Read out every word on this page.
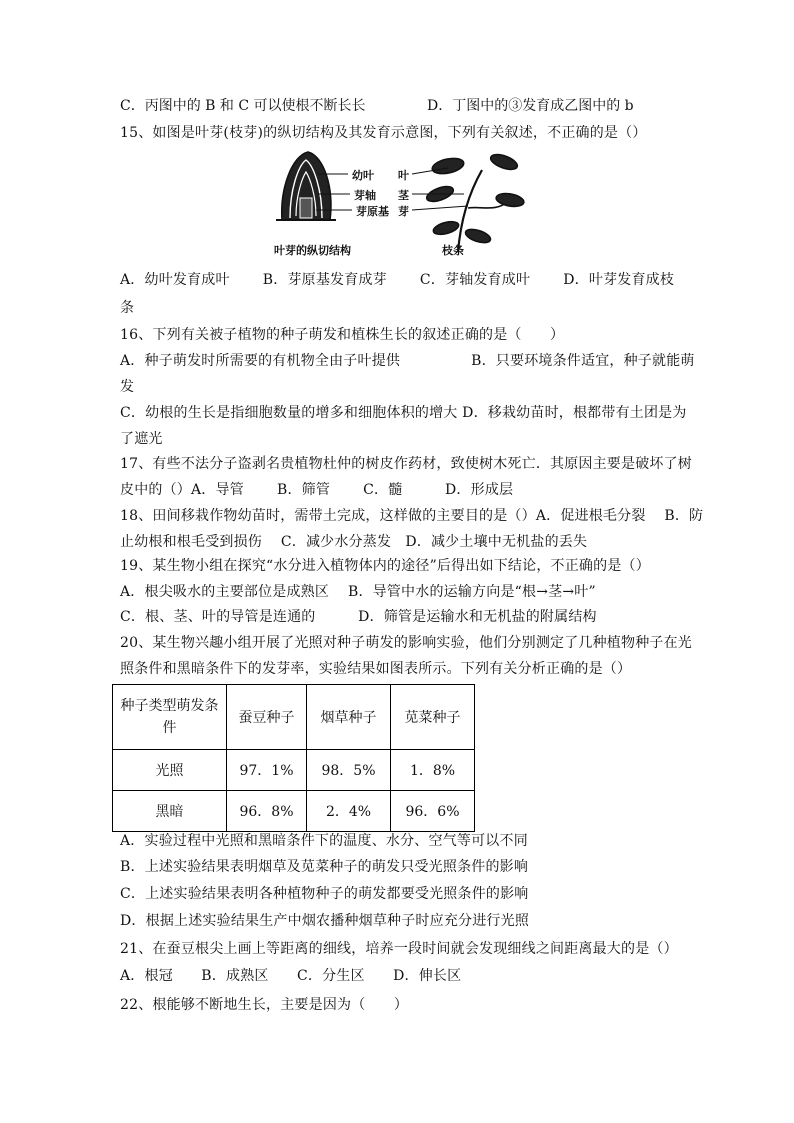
C．丙图中的 B 和 C 可以使根不断长长	D．丁图中的③发育成乙图中的 b
15、如图是叶芽(枝芽)的纵切结构及其发育示意图，下列有关叙述，不正确的是（）
幼叶
芽轴
芽原基
叶
茎
芽
叶芽的纵切结构	枝条
A．幼叶发育成叶　　 B．芽原基发育成芽　　 C．芽轴发育成叶　　 D．叶芽发育成枝
条
16、下列有关被子植物的种子萌发和植株生长的叙述正确的是（　　）
A．种子萌发时所需要的有机物全由子叶提供　　　　　B．只要环境条件适宜，种子就能萌
发
C．幼根的生长是指细胞数量的增多和细胞体积的增大 D．移栽幼苗时，根都带有土团是为
了遮光
17、有些不法分子盗剥名贵植物杜仲的树皮作药材，致使树木死亡．其原因主要是破坏了树
皮中的（）A．导管　　 B．筛管　　 C．髓　　　D．形成层
18、田间移栽作物幼苗时，需带土完成，这样做的主要目的是（）A．促进根毛分裂　 B．防
止幼根和根毛受到损伤　 C．减少水分蒸发　D．减少土壤中无机盐的丢失
19、某生物小组在探究“水分进入植物体内的途径”后得出如下结论，不正确的是（）
A．根尖吸水的主要部位是成熟区　 B．导管中水的运输方向是“根→茎→叶”
C．根、茎、叶的导管是连通的　　　D．筛管是运输水和无机盐的附属结构
20、某生物兴趣小组开展了光照对种子萌发的影响实验，他们分别测定了几种植物种子在光
照条件和黑暗条件下的发芽率，实验结果如图表所示。下列有关分析正确的是（）
种子类型萌发条件	蚕豆种子	烟草种子	苋菜种子
光照	97．1%	98．5%	1．8%
黑暗	96．8%	2．4%	96．6%
A．实验过程中光照和黑暗条件下的温度、水分、空气等可以不同
B．上述实验结果表明烟草及苋菜种子的萌发只受光照条件的影响
C．上述实验结果表明各种植物种子的萌发都要受光照条件的影响
D．根据上述实验结果生产中烟农播种烟草种子时应充分进行光照
21、在蚕豆根尖上画上等距离的细线，培养一段时间就会发现细线之间距离最大的是（）
A．根冠　　B．成熟区　　C．分生区　　D．伸长区
22、根能够不断地生长，主要是因为（　　）
